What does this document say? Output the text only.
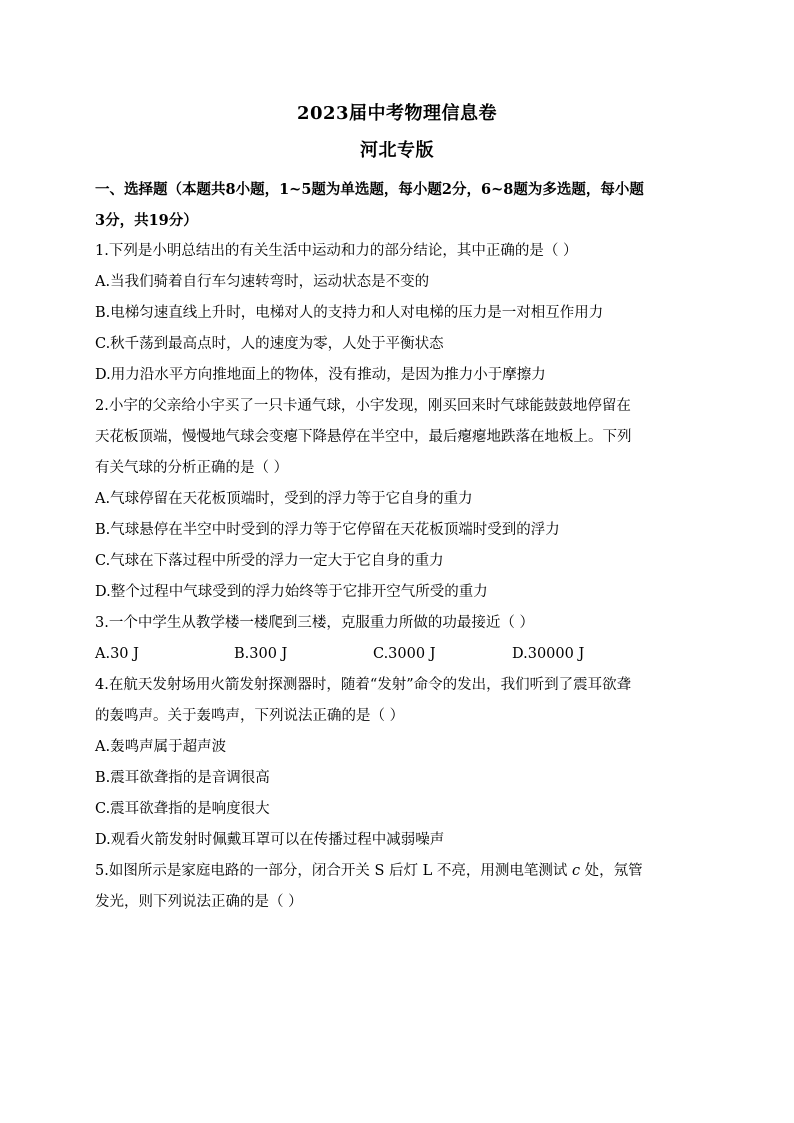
2023届中考物理信息卷
河北专版
一、选择题（本题共8小题，1~5题为单选题，每小题2分，6~8题为多选题，每小题
3分，共19分）
1.下列是小明总结出的有关生活中运动和力的部分结论，其中正确的是（ ）
A.当我们骑着自行车匀速转弯时，运动状态是不变的
B.电梯匀速直线上升时，电梯对人的支持力和人对电梯的压力是一对相互作用力
C.秋千荡到最高点时，人的速度为零，人处于平衡状态
D.用力沿水平方向推地面上的物体，没有推动，是因为推力小于摩擦力
2.小宇的父亲给小宇买了一只卡通气球，小宇发现，刚买回来时气球能鼓鼓地停留在
天花板顶端，慢慢地气球会变瘪下降悬停在半空中，最后瘪瘪地跌落在地板上。下列
有关气球的分析正确的是（ ）
A.气球停留在天花板顶端时，受到的浮力等于它自身的重力
B.气球悬停在半空中时受到的浮力等于它停留在天花板顶端时受到的浮力
C.气球在下落过程中所受的浮力一定大于它自身的重力
D.整个过程中气球受到的浮力始终等于它排开空气所受的重力
3.一个中学生从教学楼一楼爬到三楼，克服重力所做的功最接近（ ）
A.30 J	B.300 J	C.3000 J	D.30000 J
4.在航天发射场用火箭发射探测器时，随着“发射”命令的发出，我们听到了震耳欲聋
的轰鸣声。关于轰鸣声，下列说法正确的是（ ）
A.轰鸣声属于超声波
B.震耳欲聋指的是音调很高
C.震耳欲聋指的是响度很大
D.观看火箭发射时佩戴耳罩可以在传播过程中减弱噪声
5.如图所示是家庭电路的一部分，闭合开关 S 后灯 L 不亮，用测电笔测试 c 处，氖管
发光，则下列说法正确的是（ ）
